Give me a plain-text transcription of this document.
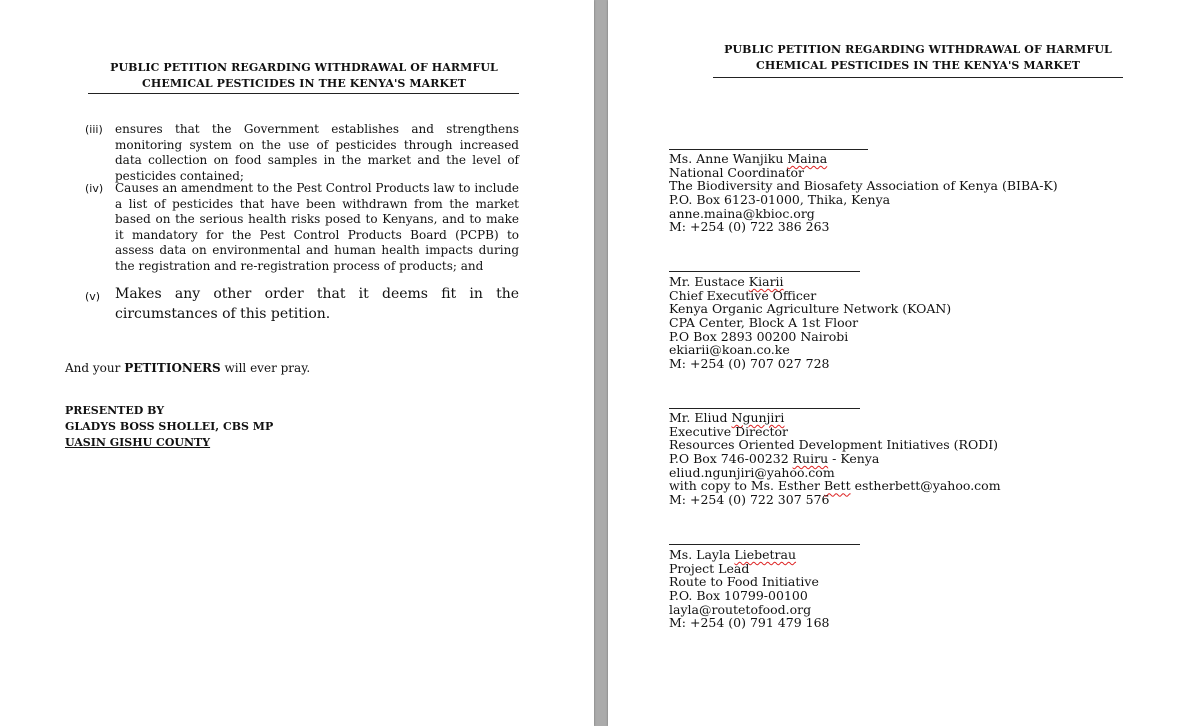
PUBLIC PETITION REGARDING WITHDRAWAL OF HARMFUL
CHEMICAL PESTICIDES IN THE KENYA'S MARKET
(iii) ensures that the Government establishes and strengthens monitoring system on the use of pesticides through increased data collection on food samples in the market and the level of pesticides contained;
(iv) Causes an amendment to the Pest Control Products law to include a list of pesticides that have been withdrawn from the market based on the serious health risks posed to Kenyans, and to make it mandatory for the Pest Control Products Board (PCPB) to assess data on environmental and human health impacts during the registration and re-registration process of products; and
(v) Makes any other order that it deems fit in the circumstances of this petition.
And your PETITIONERS will ever pray.
PRESENTED BY
GLADYS BOSS SHOLLEI, CBS MP
UASIN GISHU COUNTY
PUBLIC PETITION REGARDING WITHDRAWAL OF HARMFUL
CHEMICAL PESTICIDES IN THE KENYA'S MARKET
Ms. Anne Wanjiku Maina
National Coordinator
The Biodiversity and Biosafety Association of Kenya (BIBA-K)
P.O. Box 6123-01000, Thika, Kenya
anne.maina@kbioc.org
M: +254 (0) 722 386 263
Mr. Eustace Kiarii
Chief Executive Officer
Kenya Organic Agriculture Network (KOAN)
CPA Center, Block A 1st Floor
P.O Box 2893 00200 Nairobi
ekiarii@koan.co.ke
M: +254 (0) 707 027 728
Mr. Eliud Ngunjiri
Executive Director
Resources Oriented Development Initiatives (RODI)
P.O Box 746-00232 Ruiru - Kenya
eliud.ngunjiri@yahoo.com
with copy to Ms. Esther Bett estherbett@yahoo.com
M: +254 (0) 722 307 576
Ms. Layla Liebetrau
Project Lead
Route to Food Initiative
P.O. Box 10799-00100
layla@routetofood.org
M: +254 (0) 791 479 168
